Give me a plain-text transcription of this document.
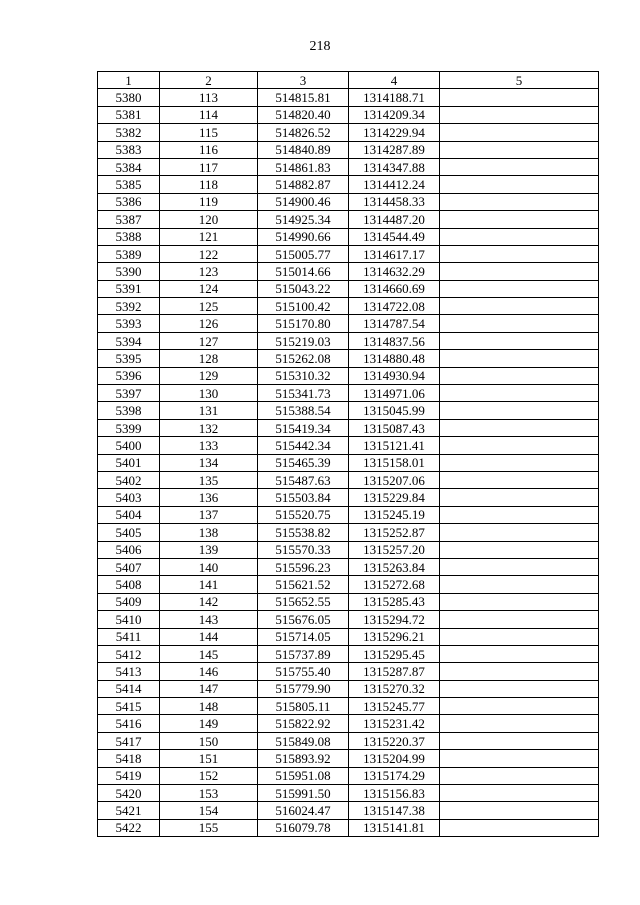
218
1	2	3	4	5
5380	113	514815.81	1314188.71	
5381	114	514820.40	1314209.34	
5382	115	514826.52	1314229.94	
5383	116	514840.89	1314287.89	
5384	117	514861.83	1314347.88	
5385	118	514882.87	1314412.24	
5386	119	514900.46	1314458.33	
5387	120	514925.34	1314487.20	
5388	121	514990.66	1314544.49	
5389	122	515005.77	1314617.17	
5390	123	515014.66	1314632.29	
5391	124	515043.22	1314660.69	
5392	125	515100.42	1314722.08	
5393	126	515170.80	1314787.54	
5394	127	515219.03	1314837.56	
5395	128	515262.08	1314880.48	
5396	129	515310.32	1314930.94	
5397	130	515341.73	1314971.06	
5398	131	515388.54	1315045.99	
5399	132	515419.34	1315087.43	
5400	133	515442.34	1315121.41	
5401	134	515465.39	1315158.01	
5402	135	515487.63	1315207.06	
5403	136	515503.84	1315229.84	
5404	137	515520.75	1315245.19	
5405	138	515538.82	1315252.87	
5406	139	515570.33	1315257.20	
5407	140	515596.23	1315263.84	
5408	141	515621.52	1315272.68	
5409	142	515652.55	1315285.43	
5410	143	515676.05	1315294.72	
5411	144	515714.05	1315296.21	
5412	145	515737.89	1315295.45	
5413	146	515755.40	1315287.87	
5414	147	515779.90	1315270.32	
5415	148	515805.11	1315245.77	
5416	149	515822.92	1315231.42	
5417	150	515849.08	1315220.37	
5418	151	515893.92	1315204.99	
5419	152	515951.08	1315174.29	
5420	153	515991.50	1315156.83	
5421	154	516024.47	1315147.38	
5422	155	516079.78	1315141.81	
